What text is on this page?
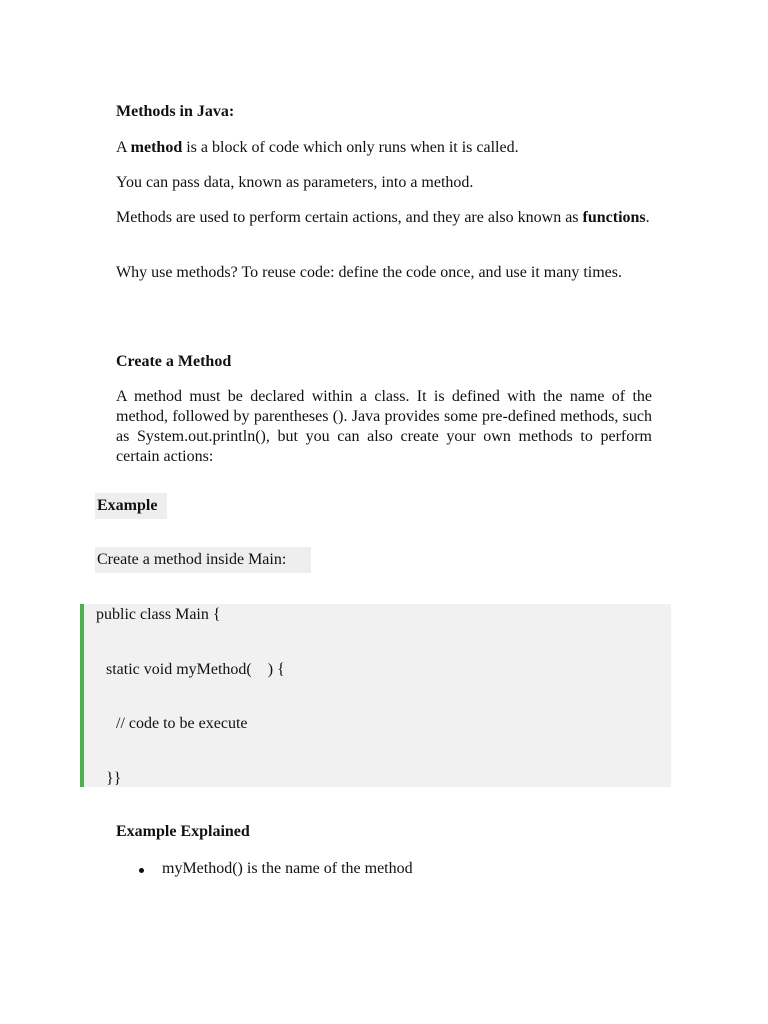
Methods in Java:
A method is a block of code which only runs when it is called.
You can pass data, known as parameters, into a method.
Methods are used to perform certain actions, and they are also known as functions.
Why use methods? To reuse code: define the code once, and use it many times.
Create a Method
A method must be declared within a class. It is defined with the name of the method, followed by parentheses (). Java provides some pre-defined methods, such as System.out.println(), but you can also create your own methods to perform certain actions:
Example
Create a method inside Main:
public class Main {
static void myMethod(    ) {
// code to be execute
}}
Example Explained
myMethod() is the name of the method
